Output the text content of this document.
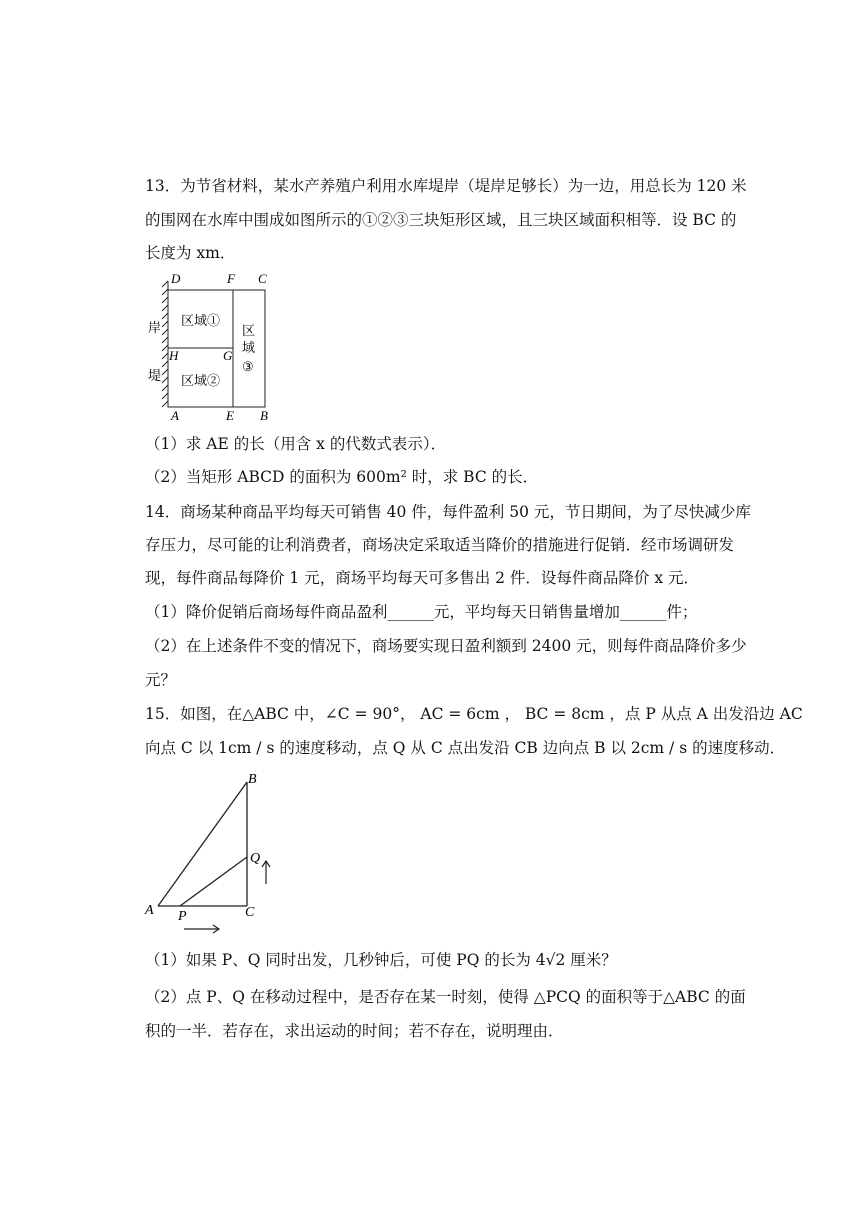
13．为节省材料，某水产养殖户利用水库堤岸（堤岸足够长）为一边，用总长为 120 米
的围网在水库中围成如图所示的①②③三块矩形区域，且三块区域面积相等．设 BC 的
长度为 xm．
D	F C
H	G
A	E B
岸
堤
区域①
区域②
区
域
③
（1）求 AE 的长（用含 x 的代数式表示）．
（2）当矩形 ABCD 的面积为 600m² 时，求 BC 的长．
14．商场某种商品平均每天可销售 40 件，每件盈利 50 元，节日期间，为了尽快减少库
存压力，尽可能的让利消费者，商场决定采取适当降价的措施进行促销．经市场调研发
现，每件商品每降价 1 元，商场平均每天可多售出 2 件．设每件商品降价 x 元．
（1）降价促销后商场每件商品盈利______元，平均每天日销售量增加______件；
（2）在上述条件不变的情况下，商场要实现日盈利额到 2400 元，则每件商品降价多少
元？
15．如图，在△ABC 中，∠C = 90°， AC = 6cm ， BC = 8cm ，点 P 从点 A 出发沿边 AC
向点 C 以 1cm / s 的速度移动，点 Q 从 C 点出发沿 CB 边向点 B 以 2cm / s 的速度移动．
B
Q
A	C
P
（1）如果 P、Q 同时出发，几秒钟后，可使 PQ 的长为 4√2 厘米？
（2）点 P、Q 在移动过程中，是否存在某一时刻，使得 △PCQ 的面积等于△ABC 的面
积的一半．若存在，求出运动的时间；若不存在，说明理由．
